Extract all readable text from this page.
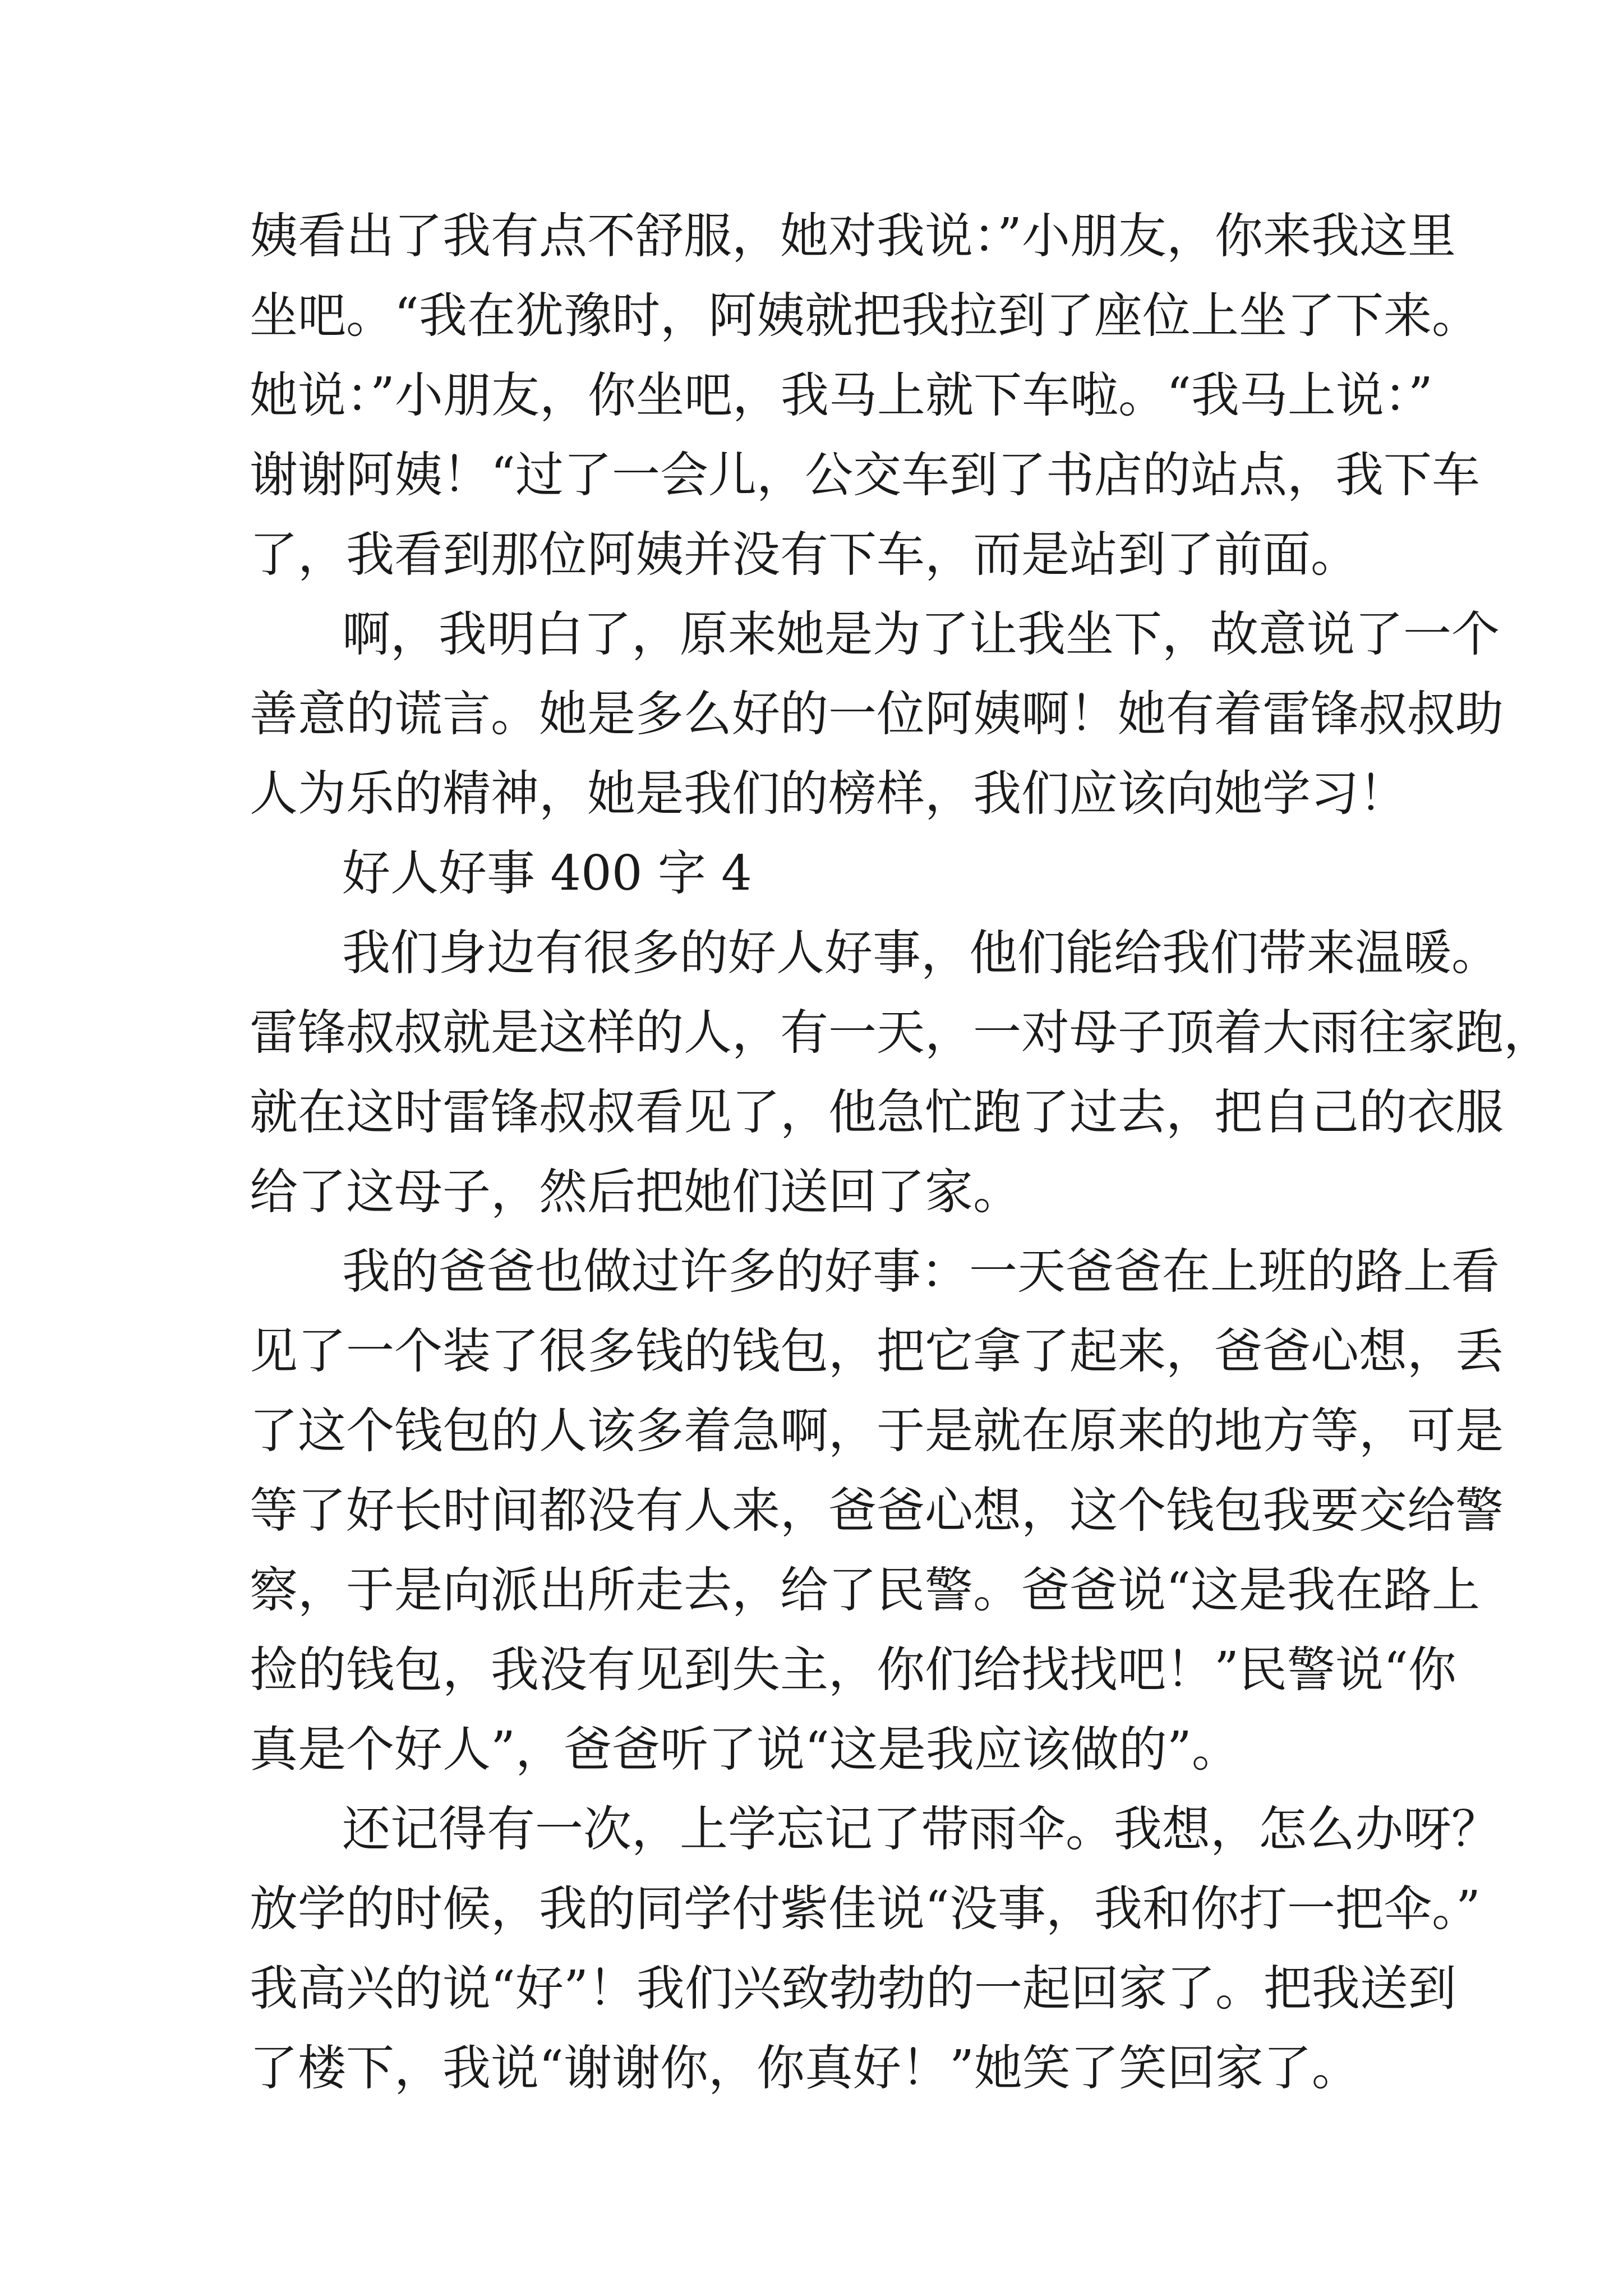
姨看出了我有点不舒服，她对我说：”小朋友，你来我这里
坐吧。“我在犹豫时，阿姨就把我拉到了座位上坐了下来。
她说：”小朋友，你坐吧，我马上就下车啦。“我马上说：”
谢谢阿姨！“过了一会儿，公交车到了书店的站点，我下车
了，我看到那位阿姨并没有下车，而是站到了前面。
啊，我明白了，原来她是为了让我坐下，故意说了一个
善意的谎言。她是多么好的一位阿姨啊！她有着雷锋叔叔助
人为乐的精神，她是我们的榜样，我们应该向她学习！
好人好事 400 字 4
我们身边有很多的好人好事，他们能给我们带来温暖。
雷锋叔叔就是这样的人，有一天，一对母子顶着大雨往家跑，
就在这时雷锋叔叔看见了，他急忙跑了过去，把自己的衣服
给了这母子，然后把她们送回了家。
我的爸爸也做过许多的好事：一天爸爸在上班的路上看
见了一个装了很多钱的钱包，把它拿了起来，爸爸心想，丢
了这个钱包的人该多着急啊，于是就在原来的地方等，可是
等了好长时间都没有人来，爸爸心想，这个钱包我要交给警
察，于是向派出所走去，给了民警。爸爸说“这是我在路上
捡的钱包，我没有见到失主，你们给找找吧！”民警说“你
真是个好人”，爸爸听了说“这是我应该做的”。
还记得有一次，上学忘记了带雨伞。我想，怎么办呀？
放学的时候，我的同学付紫佳说“没事，我和你打一把伞。”
我高兴的说“好”！我们兴致勃勃的一起回家了。把我送到
了楼下，我说“谢谢你，你真好！”她笑了笑回家了。
